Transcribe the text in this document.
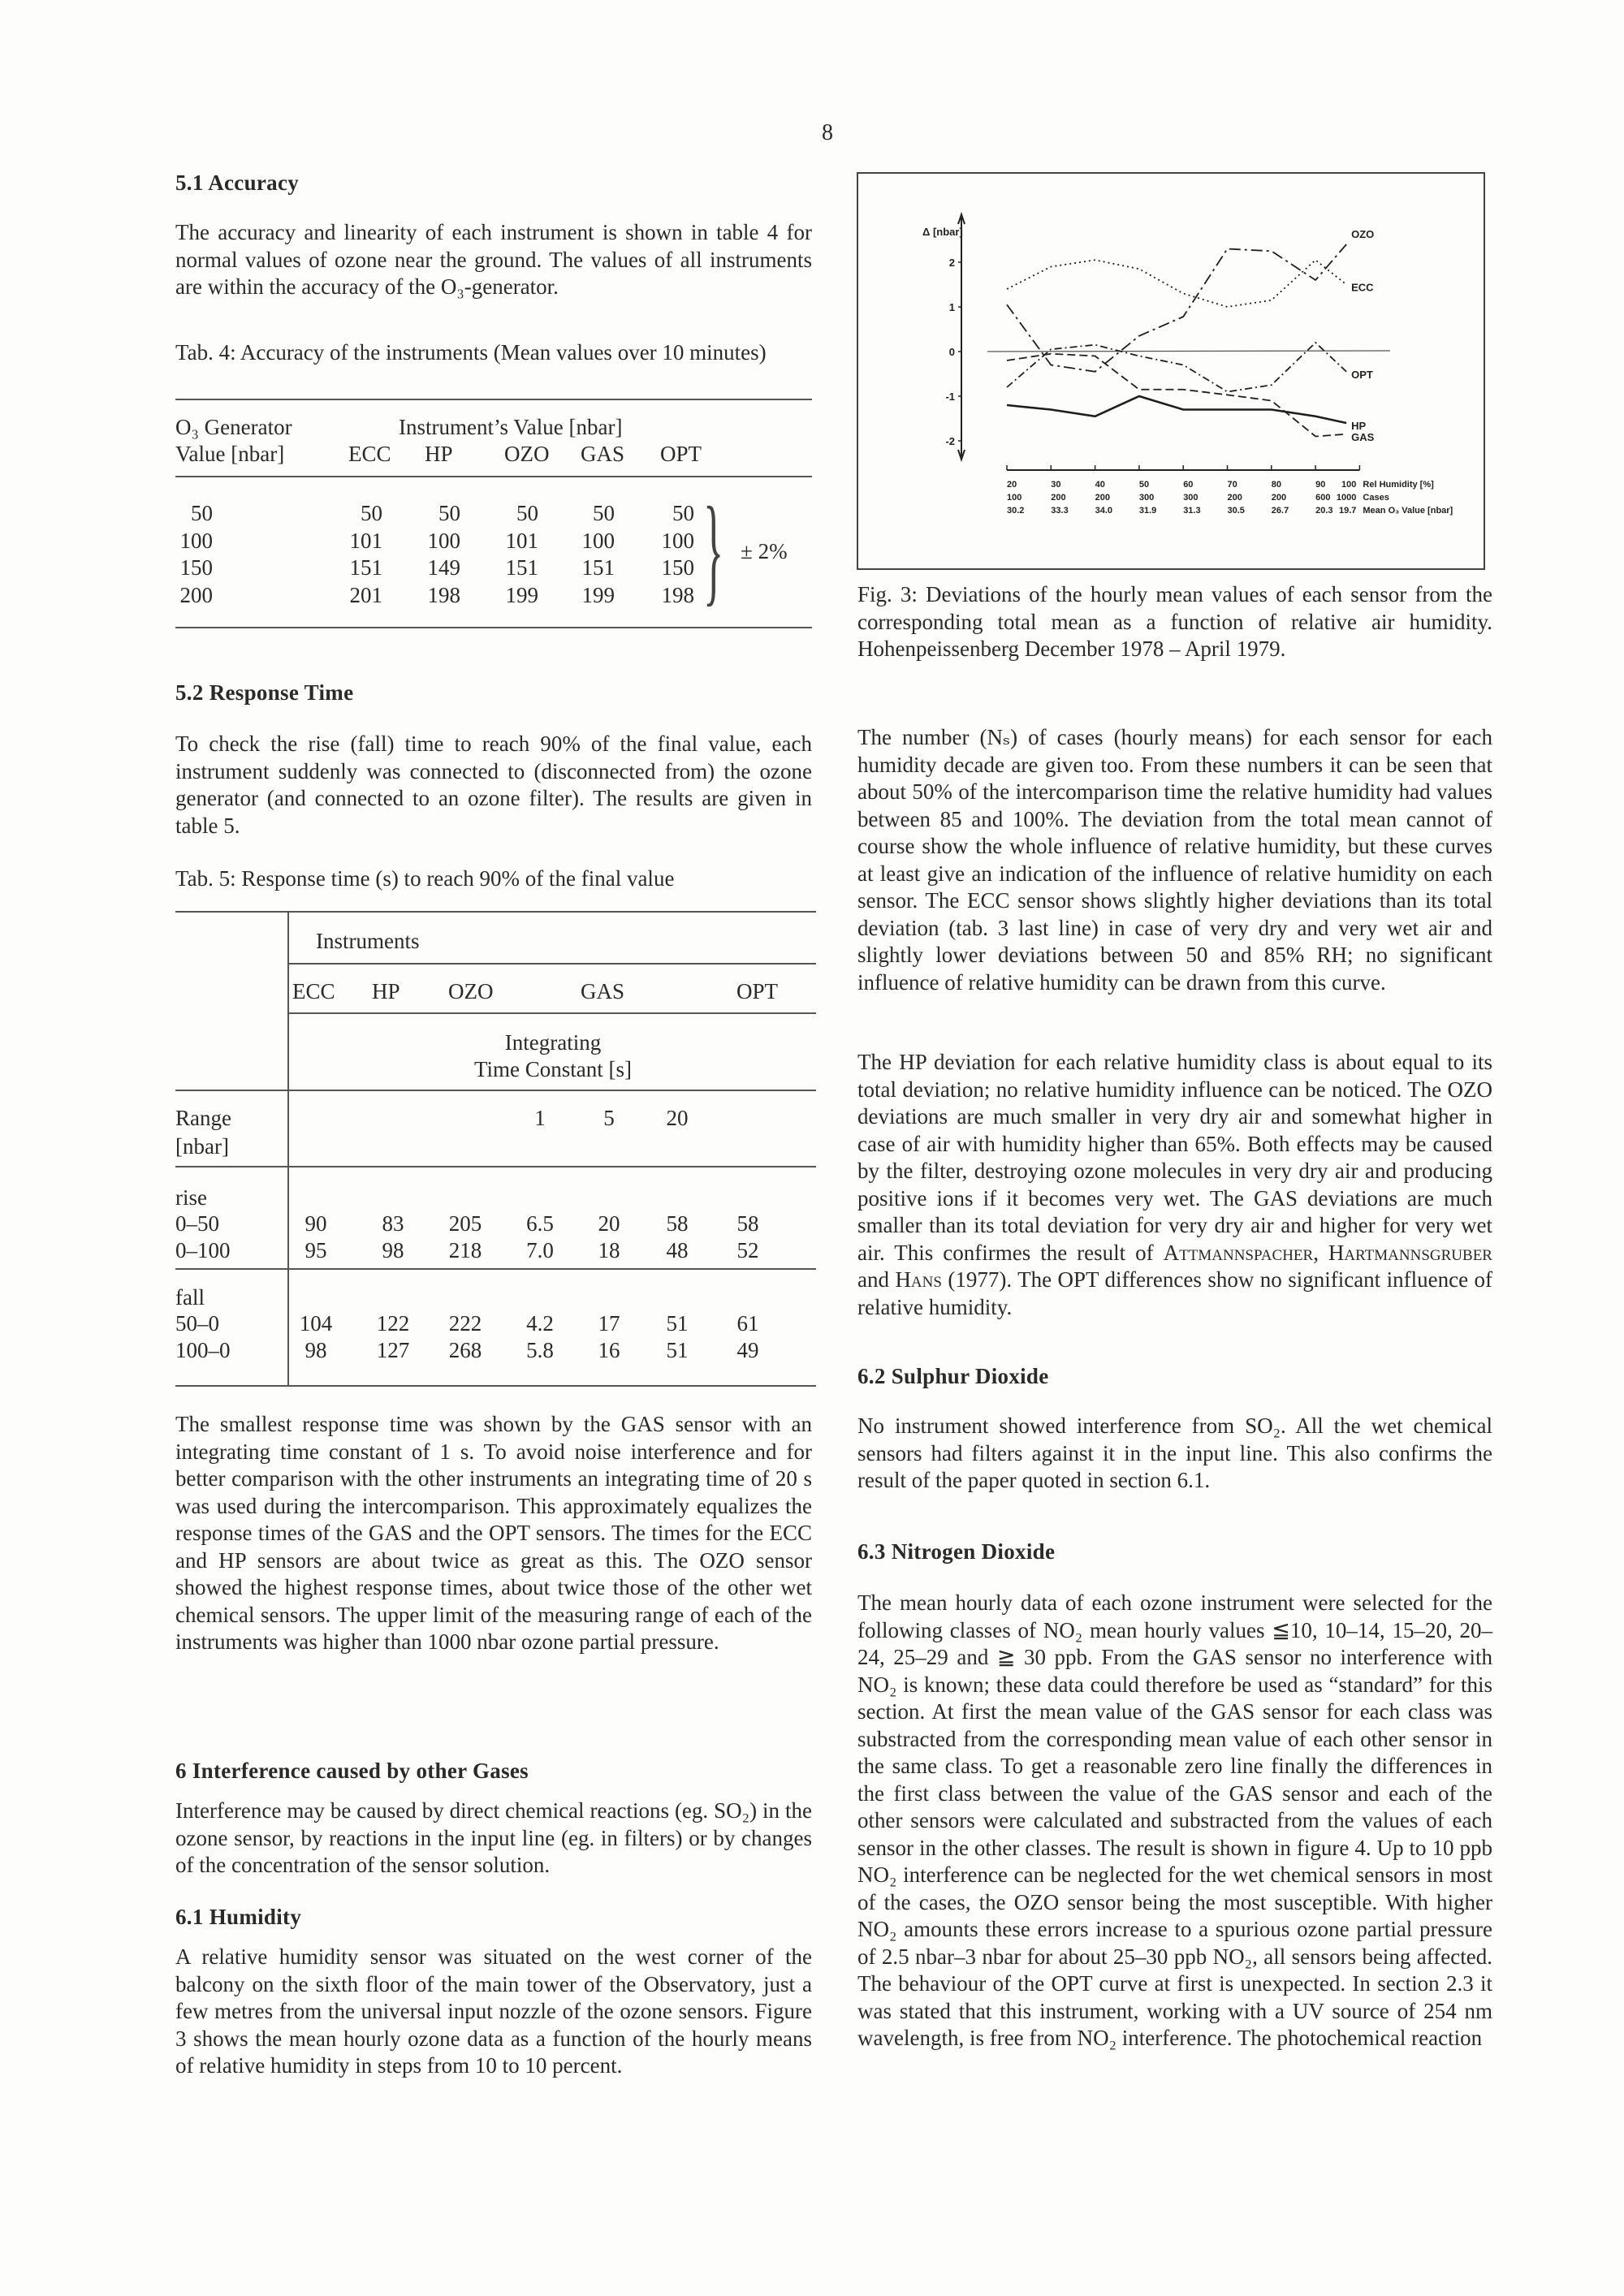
8
5.1 Accuracy
The accuracy and linearity of each instrument is shown in table 4 for normal values of ozone near the ground. The values of all instruments are within the accuracy of the O₃-generator.
Tab. 4: Accuracy of the instruments (Mean values over 10 minutes)
O₃ Generator
Value [nbar]
Instrument’s Value [nbar]
ECC HP OZO GAS OPT
50	50	50	50 50	50
100	101 100 101 100 100
150	151 149 151 151 150
200	201 198 199 199 198 } ± 2%
5.2 Response Time
To check the rise (fall) time to reach 90% of the final value, each instrument suddenly was connected to (disconnected from) the ozone generator (and connected to an ozone filter). The results are given in table 5.
Tab. 5: Response time (s) to reach 90% of the final value
Instruments
ECC HP OZO	GAS	OPT
Integrating
Time Constant [s]
Range
[nbar]
1	5 20
rise
0–50	90	83 205 6.5 20 58 58
0–100	95	98 218 7.0 18 48 52
fall
50–0	104 122 222 4.2 17 51 61
100–0	98 127 268 5.8 16 51 49
The smallest response time was shown by the GAS sensor with an integrating time constant of 1 s. To avoid noise interference and for better comparison with the other instruments an integrating time of 20 s was used during the intercomparison. This approximately equalizes the response times of the GAS and the OPT sensors. The times for the ECC and HP sensors are about twice as great as this. The OZO sensor showed the highest response times, about twice those of the other wet chemical sensors. The upper limit of the measuring range of each of the instruments was higher than 1000 nbar ozone partial pressure.
6 Interference caused by other Gases
Interference may be caused by direct chemical reactions (eg. SO₂) in the ozone sensor, by reactions in the input line (eg. in filters) or by changes of the concentration of the sensor solution.
6.1 Humidity
A relative humidity sensor was situated on the west corner of the balcony on the sixth floor of the main tower of the Observatory, just a few metres from the universal input nozzle of the ozone sensors. Figure 3 shows the mean hourly ozone data as a function of the hourly means of relative humidity in steps from 10 to 10 percent.
Δ [nbar]
2
1
0
-1
-2
OZO
ECC
OPT
HP
GAS
20	30	40	50	60	70	80	90 100 Rel Humidity [%]
100	200	200	300	300	200	200	600 1000 Cases
30.2	33.3	34.0	31.9	31.3	30.5	26.7	20.3 19.7 Mean O₃ Value [nbar]
Fig. 3: Deviations of the hourly mean values of each sensor from the corresponding total mean as a function of relative air humidity. Hohenpeissenberg December 1978 – April 1979.
The number (Nₛ) of cases (hourly means) for each sensor for each humidity decade are given too. From these numbers it can be seen that about 50% of the intercomparison time the relative humidity had values between 85 and 100%. The deviation from the total mean cannot of course show the whole influence of relative humidity, but these curves at least give an indication of the influence of relative humidity on each sensor. The ECC sensor shows slightly higher deviations than its total deviation (tab. 3 last line) in case of very dry and very wet air and slightly lower deviations between 50 and 85% RH; no significant influence of relative humidity can be drawn from this curve.
The HP deviation for each relative humidity class is about equal to its total deviation; no relative humidity influence can be noticed. The OZO deviations are much smaller in very dry air and somewhat higher in case of air with humidity higher than 65%. Both effects may be caused by the filter, destroying ozone molecules in very dry air and producing positive ions if it becomes very wet. The GAS deviations are much smaller than its total deviation for very dry air and higher for very wet air. This confirmes the result of Attmannspacher, Hartmannsgruber and Hans (1977). The OPT differences show no significant influence of relative humidity.
6.2 Sulphur Dioxide
No instrument showed interference from SO₂. All the wet chemical sensors had filters against it in the input line. This also confirms the result of the paper quoted in section 6.1.
6.3 Nitrogen Dioxide
The mean hourly data of each ozone instrument were selected for the following classes of NO₂ mean hourly values ≦10, 10–14, 15–20, 20–24, 25–29 and ≧ 30 ppb. From the GAS sensor no interference with NO₂ is known; these data could therefore be used as “standard” for this section. At first the mean value of the GAS sensor for each class was substracted from the corresponding mean value of each other sensor in the same class. To get a reasonable zero line finally the differences in the first class between the value of the GAS sensor and each of the other sensors were calculated and substracted from the values of each sensor in the other classes. The result is shown in figure 4. Up to 10 ppb NO₂ interference can be neglected for the wet chemical sensors in most of the cases, the OZO sensor being the most susceptible. With higher NO₂ amounts these errors increase to a spurious ozone partial pressure of 2.5 nbar–3 nbar for about 25–30 ppb NO₂, all sensors being affected. The behaviour of the OPT curve at first is unexpected. In section 2.3 it was stated that this instrument, working with a UV source of 254 nm wavelength, is free from NO₂ interference. The photochemical reaction
